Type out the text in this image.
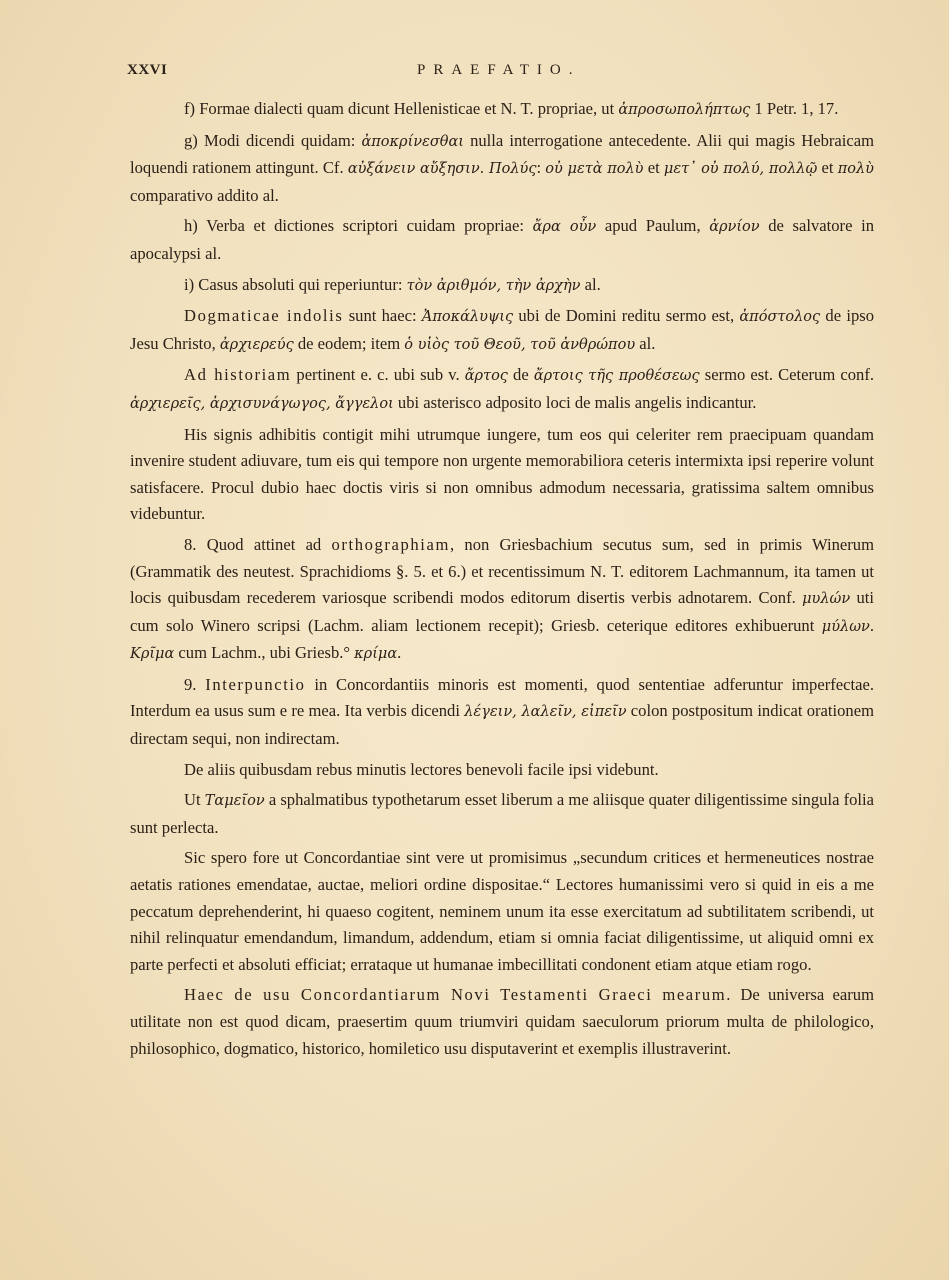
XXVI	PRAEFATIO.

f) Formae dialecti quam dicunt Hellenisticae et N. T. propriae, ut ἀπροσωπολήπτως 1 Petr. 1, 17.

g) Modi dicendi quidam: ἀποκρίνεσθαι nulla interrogatione antecedente. Alii qui magis Hebraicam loquendi rationem attingunt. Cf. αὐξάνειν αὔξησιν. Πολύς: οὐ μετὰ πολὺ et μετ᾽ οὐ πολύ, πολλῷ et πολὺ comparativo addito al.

h) Verba et dictiones scriptori cuidam propriae: ἄρα οὖν apud Paulum, ἀρνίον de salvatore in apocalypsi al.

i) Casus absoluti qui reperiuntur: τὸν ἀριθμόν, τὴν ἀρχὴν al.

Dogmaticae indolis sunt haec: Ἀποκάλυψις ubi de Domini reditu sermo est, ἀπόστολος de ipso Jesu Christo, ἀρχιερεύς de eodem; item ὁ υἱὸς τοῦ Θεοῦ, τοῦ ἀνθρώπου al.

Ad historiam pertinent e. c. ubi sub v. ἄρτος de ἄρτοις τῆς προθέσεως sermo est. Ceterum conf. ἀρχιερεῖς, ἀρχισυνάγωγος, ἄγγελοι ubi asterisco adposito loci de malis angelis indicantur.

His signis adhibitis contigit mihi utrumque iungere, tum eos qui celeriter rem praecipuam quandam invenire student adiuvare, tum eis qui tempore non urgente memorabiliora ceteris intermixta ipsi reperire volunt satisfacere. Procul dubio haec doctis viris si non omnibus admodum necessaria, gratissima saltem omnibus videbuntur.

8. Quod attinet ad orthographiam, non Griesbachium secutus sum, sed in primis Winerum (Grammatik des neutest. Sprachidioms §. 5. et 6.) et recentissimum N. T. editorem Lachmannum, ita tamen ut locis quibusdam recederem variosque scribendi modos editorum disertis verbis adnotarem. Conf. μυλών uti cum solo Winero scripsi (Lachm. aliam lectionem recepit); Griesb. ceterique editores exhibuerunt μύλων. Κρῖμα cum Lachm., ubi Griesb.° κρίμα.

9. Interpunctio in Concordantiis minoris est momenti, quod sententiae adferuntur imperfectae. Interdum ea usus sum e re mea. Ita verbis dicendi λέγειν, λαλεῖν, εἰπεῖν colon postpositum indicat orationem directam sequi, non indirectam.

De aliis quibusdam rebus minutis lectores benevoli facile ipsi videbunt.

Ut Ταμεῖον a sphalmatibus typothetarum esset liberum a me aliisque quater diligentissime singula folia sunt perlecta.

Sic spero fore ut Concordantiae sint vere ut promisimus „secundum critices et hermeneutices nostrae aetatis rationes emendatae, auctae, meliori ordine dispositae.“ Lectores humanissimi vero si quid in eis a me peccatum deprehenderint, hi quaeso cogitent, neminem unum ita esse exercitatum ad subtilitatem scribendi, ut nihil relinquatur emendandum, limandum, addendum, etiam si omnia faciat diligentissime, ut aliquid omni ex parte perfecti et absoluti efficiat; errataque ut humanae imbecillitati condonent etiam atque etiam rogo.

Haec de usu Concordantiarum Novi Testamenti Graeci mearum. De universa earum utilitate non est quod dicam, praesertim quum triumviri quidam saeculorum priorum multa de philologico, philosophico, dogmatico, historico, homiletico usu disputaverint et exemplis illustraverint.
